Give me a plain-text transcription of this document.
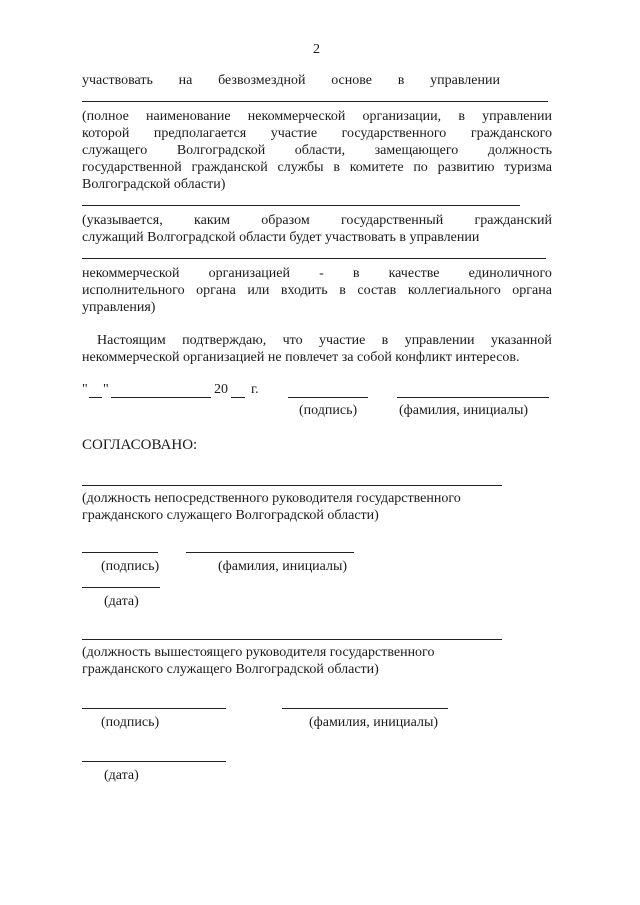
2
участвовать на безвозмездной основе в управлении
(полное наименование некоммерческой организации, в управлении
которой предполагается участие государственного гражданского
служащего Волгоградской области, замещающего должность
государственной гражданской службы в комитете по развитию туризма
Волгоградской области)
(указывается, каким образом государственный гражданский
служащий Волгоградской области будет участвовать в управлении
некоммерческой организацией - в качестве единоличного
исполнительного органа или входить в состав коллегиального органа
управления)
Настоящим подтверждаю, что участие в управлении указанной
некоммерческой организацией не повлечет за собой конфликт интересов.
" "	20 г.
(подпись)	(фамилия, инициалы)
СОГЛАСОВАНО:
(должность непосредственного руководителя государственного
гражданского служащего Волгоградской области)
(подпись)	(фамилия, инициалы)
(дата)
(должность вышестоящего руководителя государственного
гражданского служащего Волгоградской области)
(подпись)	(фамилия, инициалы)
(дата)
